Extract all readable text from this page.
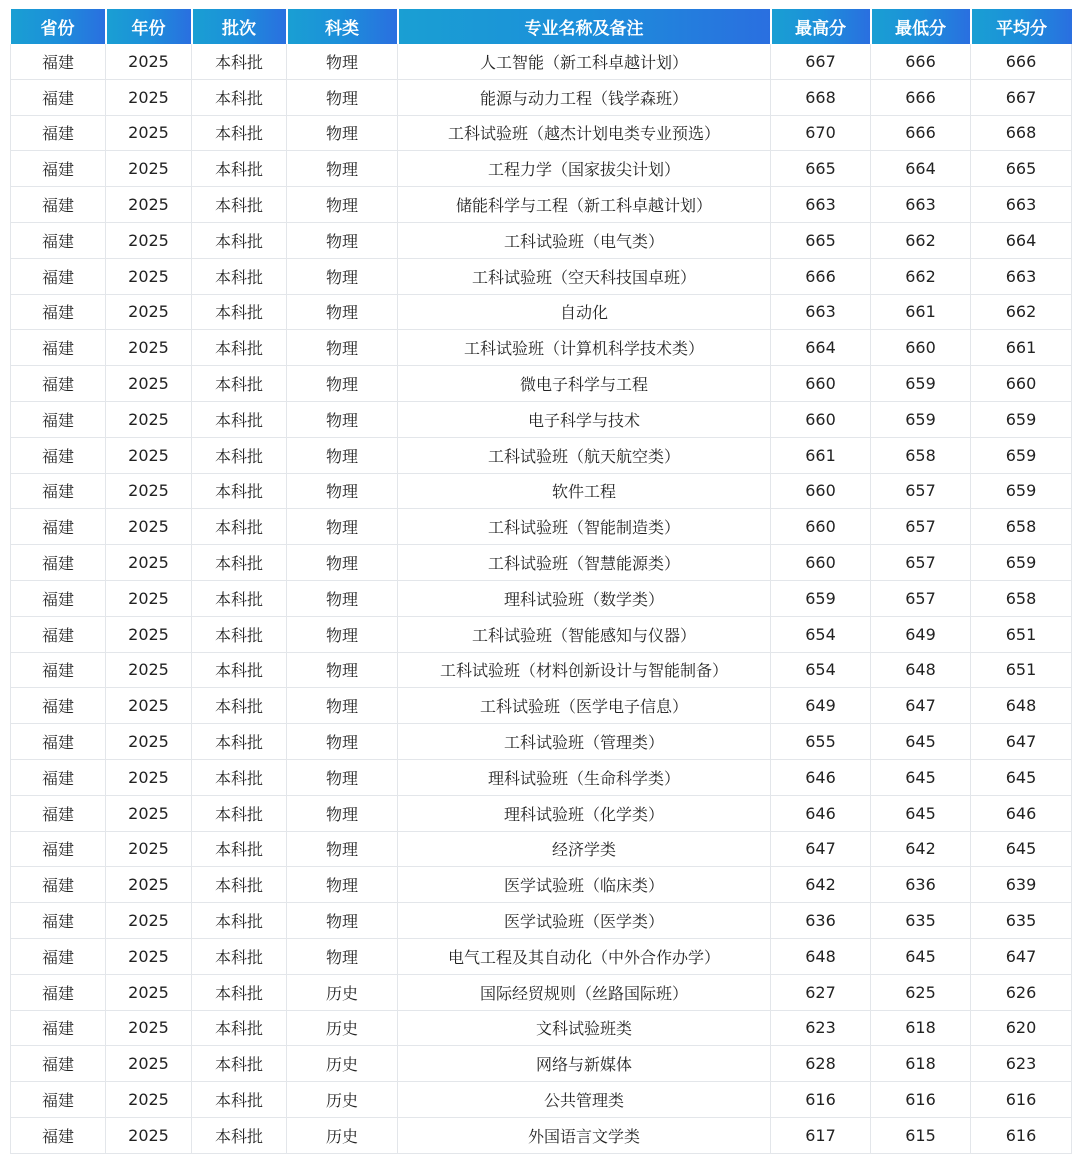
省份	年份	批次	科类	专业名称及备注	最高分	最低分	平均分
福建	2025	本科批	物理	人工智能（新工科卓越计划）	667	666	666
福建	2025	本科批	物理	能源与动力工程（钱学森班）	668	666	667
福建	2025	本科批	物理	工科试验班（越杰计划电类专业预选）	670	666	668
福建	2025	本科批	物理	工程力学（国家拔尖计划）	665	664	665
福建	2025	本科批	物理	储能科学与工程（新工科卓越计划）	663	663	663
福建	2025	本科批	物理	工科试验班（电气类）	665	662	664
福建	2025	本科批	物理	工科试验班（空天科技国卓班）	666	662	663
福建	2025	本科批	物理	自动化	663	661	662
福建	2025	本科批	物理	工科试验班（计算机科学技术类）	664	660	661
福建	2025	本科批	物理	微电子科学与工程	660	659	660
福建	2025	本科批	物理	电子科学与技术	660	659	659
福建	2025	本科批	物理	工科试验班（航天航空类）	661	658	659
福建	2025	本科批	物理	软件工程	660	657	659
福建	2025	本科批	物理	工科试验班（智能制造类）	660	657	658
福建	2025	本科批	物理	工科试验班（智慧能源类）	660	657	659
福建	2025	本科批	物理	理科试验班（数学类）	659	657	658
福建	2025	本科批	物理	工科试验班（智能感知与仪器）	654	649	651
福建	2025	本科批	物理	工科试验班（材料创新设计与智能制备）	654	648	651
福建	2025	本科批	物理	工科试验班（医学电子信息）	649	647	648
福建	2025	本科批	物理	工科试验班（管理类）	655	645	647
福建	2025	本科批	物理	理科试验班（生命科学类）	646	645	645
福建	2025	本科批	物理	理科试验班（化学类）	646	645	646
福建	2025	本科批	物理	经济学类	647	642	645
福建	2025	本科批	物理	医学试验班（临床类）	642	636	639
福建	2025	本科批	物理	医学试验班（医学类）	636	635	635
福建	2025	本科批	物理	电气工程及其自动化（中外合作办学）	648	645	647
福建	2025	本科批	历史	国际经贸规则（丝路国际班）	627	625	626
福建	2025	本科批	历史	文科试验班类	623	618	620
福建	2025	本科批	历史	网络与新媒体	628	618	623
福建	2025	本科批	历史	公共管理类	616	616	616
福建	2025	本科批	历史	外国语言文学类	617	615	616
